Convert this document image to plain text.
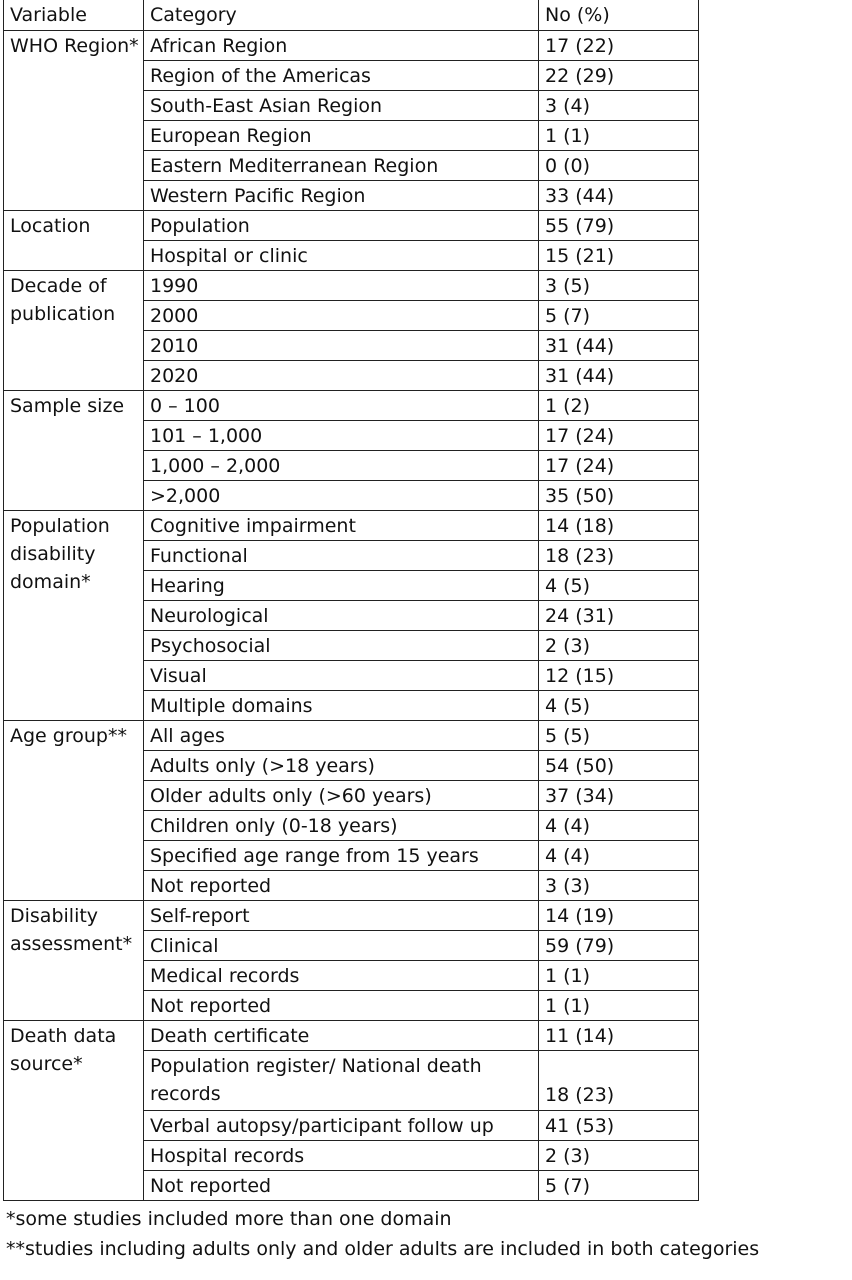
Variable	Category	No (%)
WHO Region*	African Region	17 (22)
	Region of the Americas	22 (29)
	South-East Asian Region	3 (4)
	European Region	1 (1)
	Eastern Mediterranean Region	0 (0)
	Western Pacific Region	33 (44)
Location	Population	55 (79)
	Hospital or clinic	15 (21)
Decade of publication	1990	3 (5)
	2000	5 (7)
	2010	31 (44)
	2020	31 (44)
Sample size	0 – 100	1 (2)
	101 – 1,000	17 (24)
	1,000 – 2,000	17 (24)
	>2,000	35 (50)
Population disability domain*	Cognitive impairment	14 (18)
	Functional	18 (23)
	Hearing	4 (5)
	Neurological	24 (31)
	Psychosocial	2 (3)
	Visual	12 (15)
	Multiple domains	4 (5)
Age group**	All ages	5 (5)
	Adults only (>18 years)	54 (50)
	Older adults only (>60 years)	37 (34)
	Children only (0-18 years)	4 (4)
	Specified age range from 15 years	4 (4)
	Not reported	3 (3)
Disability assessment*	Self-report	14 (19)
	Clinical	59 (79)
	Medical records	1 (1)
	Not reported	1 (1)
Death data source*	Death certificate	11 (14)
	Population register/ National death records	18 (23)
	Verbal autopsy/participant follow up	41 (53)
	Hospital records	2 (3)
	Not reported	5 (7)
*some studies included more than one domain
**studies including adults only and older adults are included in both categories
